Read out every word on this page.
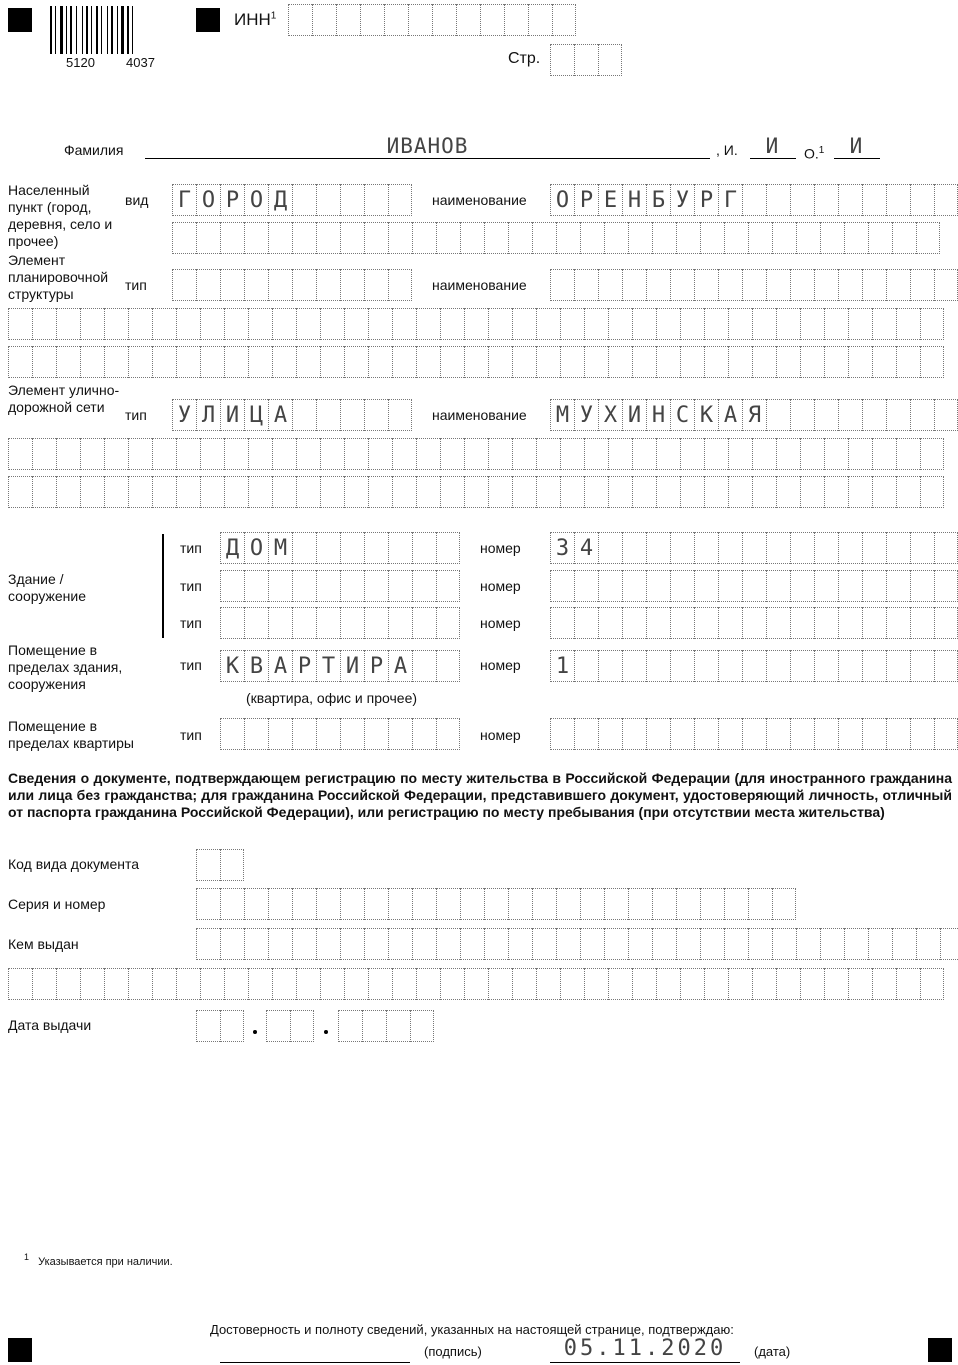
5120 4037
ИНН$^1$
Стр.
Фамилия	ИВАНОВ	, И.	И	О.$^1$	И
Населенный пункт (город, деревня, село и прочее)
вид Г О Р О Д	наименование О Р Е Н Б У Р Г
Элемент планировочной структуры
тип	наименование
Элемент улично-дорожной сети	тип У Л И Ц А	наименование М У Х И Н С К А Я
Здание / сооружение
тип Д О М	номер 3 4
тип	номер
тип	номер
Помещение в пределах здания, сооружения
тип К В А Р Т И Р А	номер 1
(квартира, офис и прочее)
Помещение в пределах квартиры	тип	номер
Сведения о документе, подтверждающем регистрацию по месту жительства в Российской Федерации (для иностранного гражданина или лица без гражданства; для гражданина Российской Федерации, представившего документ, удостоверяющий личность, отличный от паспорта гражданина Российской Федерации), или регистрацию по месту пребывания (при отсутствии места жительства)
Код вида документа
Серия и номер
Кем выдан
Дата выдачи
$^1$ Указывается при наличии.
Достоверность и полноту сведений, указанных на настоящей странице, подтверждаю:
(подпись)	05.11.2020	(дата)
